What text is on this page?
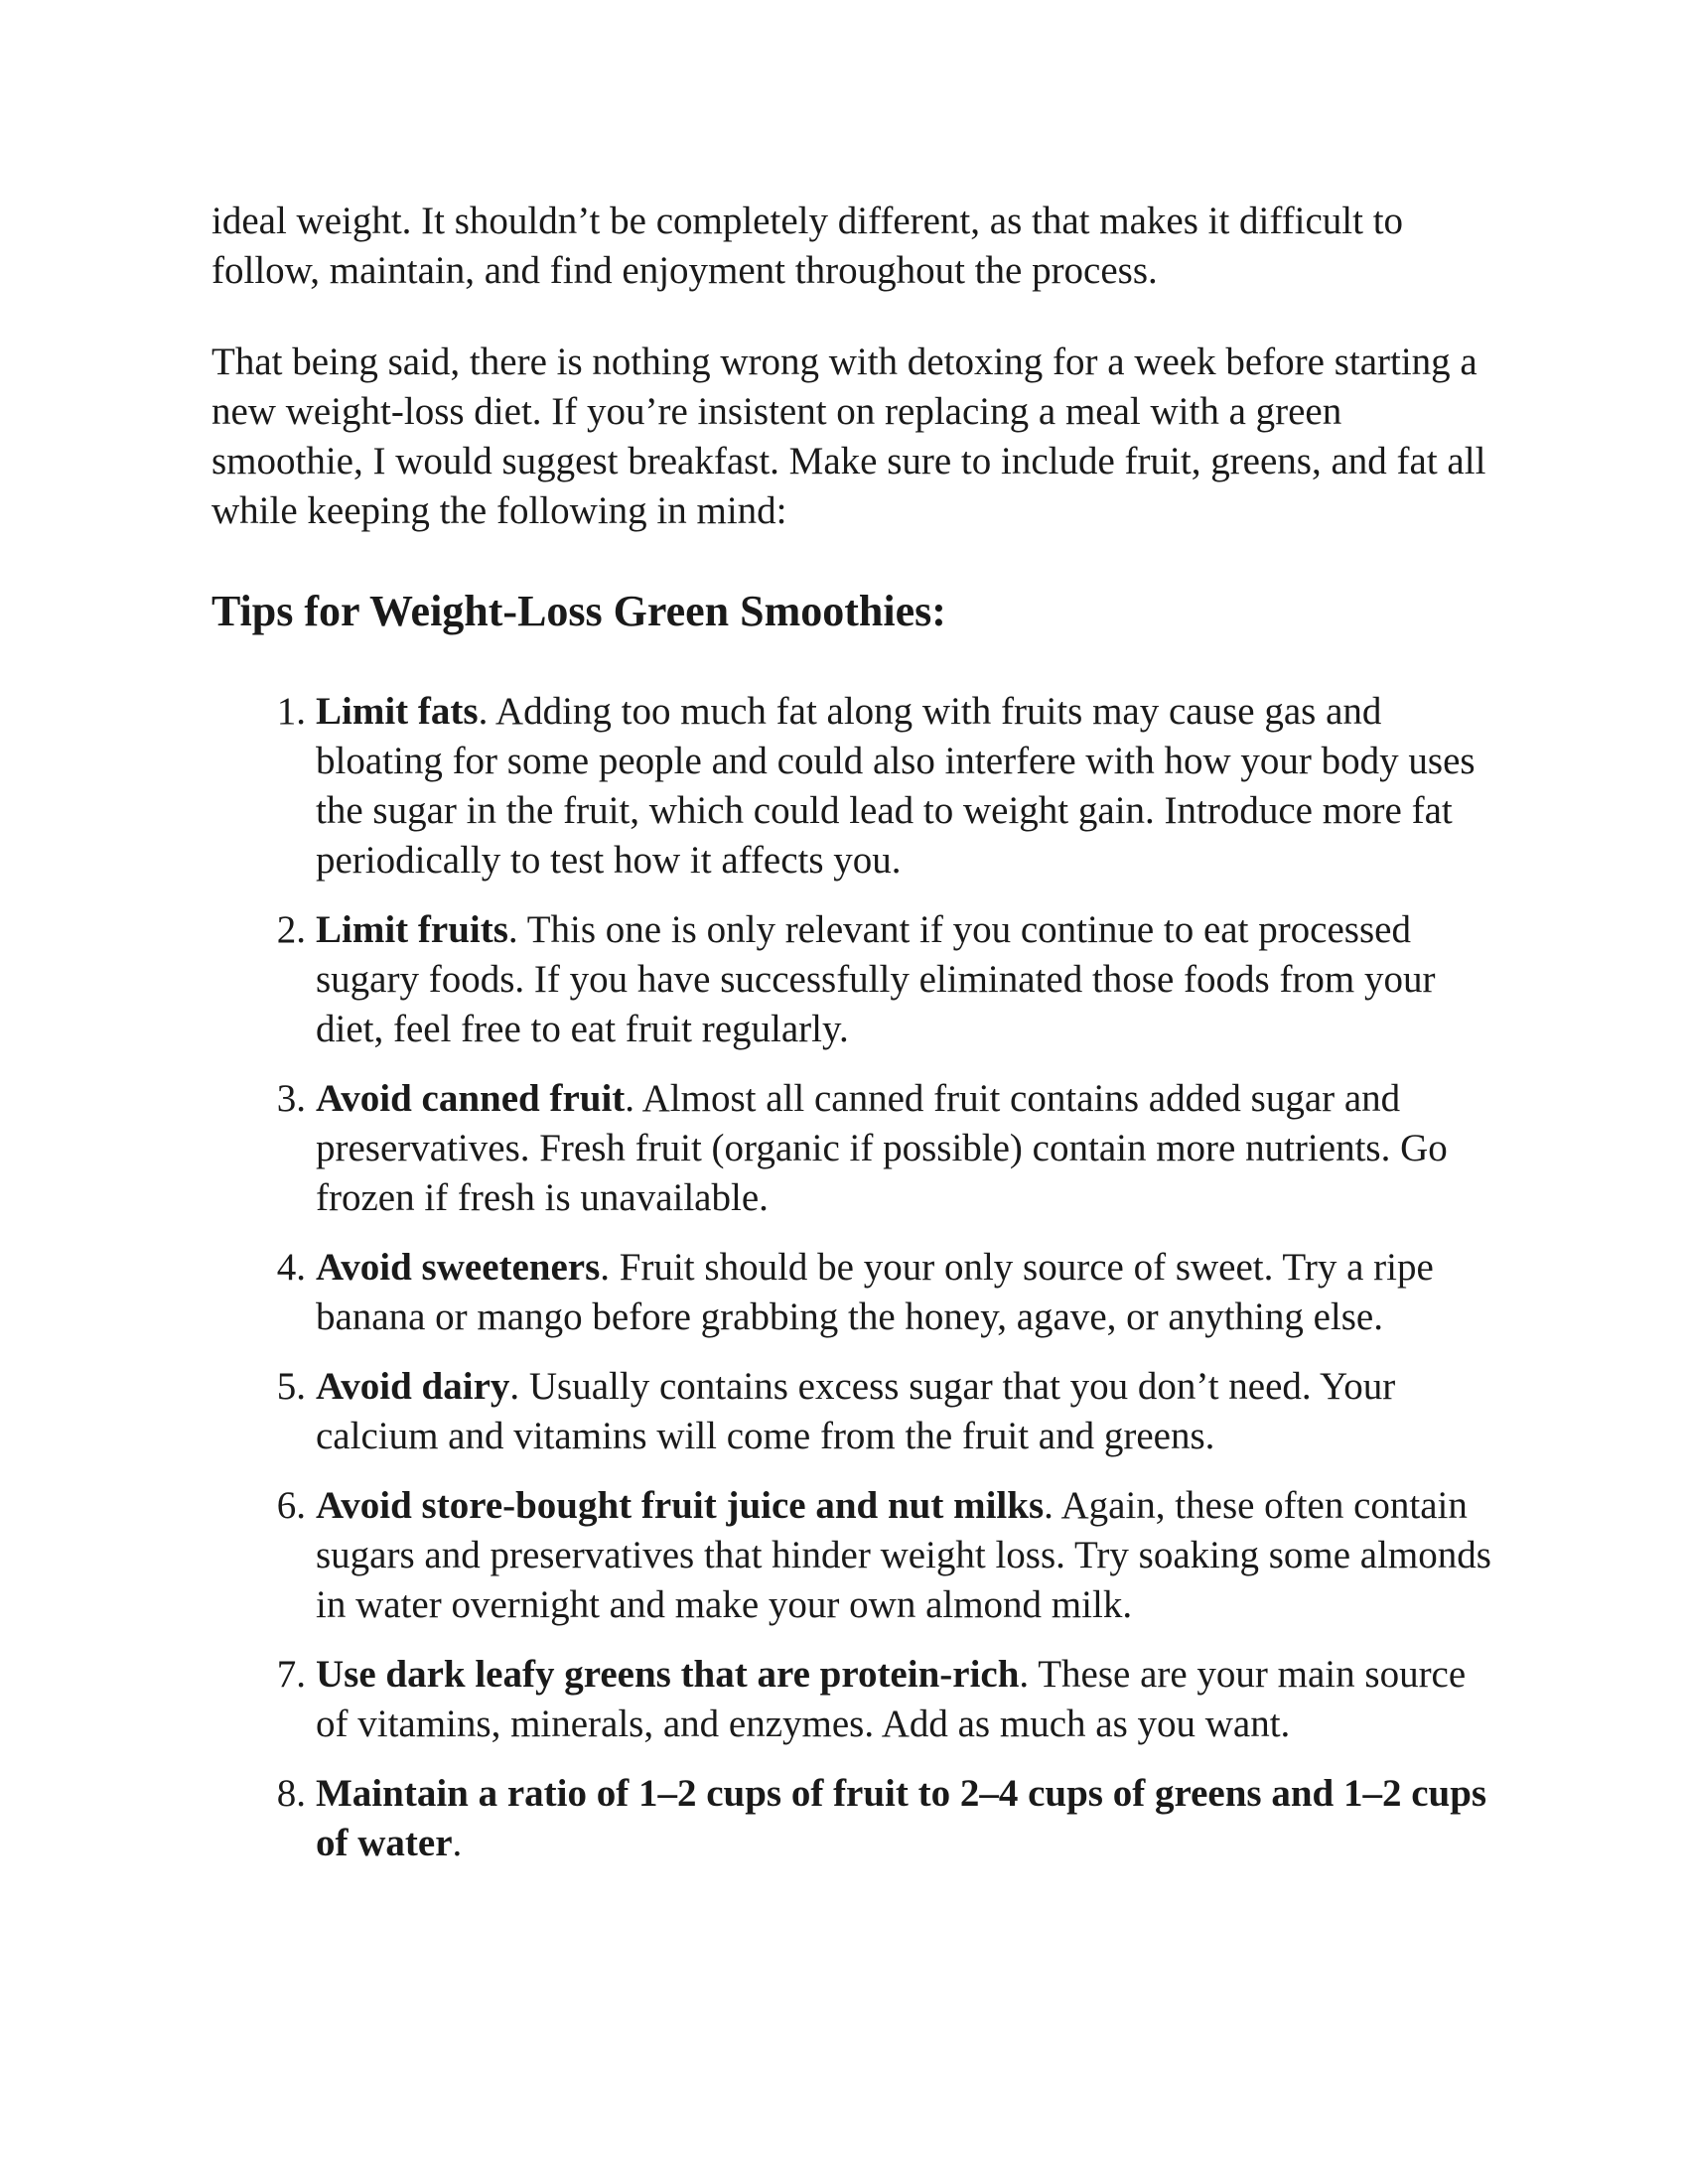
ideal weight. It shouldn’t be completely different, as that makes it difficult to follow, maintain, and find enjoyment throughout the process.

That being said, there is nothing wrong with detoxing for a week before starting a new weight-loss diet. If you’re insistent on replacing a meal with a green smoothie, I would suggest breakfast. Make sure to include fruit, greens, and fat all while keeping the following in mind:

Tips for Weight-Loss Green Smoothies:
1. Limit fats. Adding too much fat along with fruits may cause gas and bloating for some people and could also interfere with how your body uses the sugar in the fruit, which could lead to weight gain. Introduce more fat periodically to test how it affects you.
2. Limit fruits. This one is only relevant if you continue to eat processed sugary foods. If you have successfully eliminated those foods from your diet, feel free to eat fruit regularly.
3. Avoid canned fruit. Almost all canned fruit contains added sugar and preservatives. Fresh fruit (organic if possible) contain more nutrients. Go frozen if fresh is unavailable.
4. Avoid sweeteners. Fruit should be your only source of sweet. Try a ripe banana or mango before grabbing the honey, agave, or anything else.
5. Avoid dairy. Usually contains excess sugar that you don’t need. Your calcium and vitamins will come from the fruit and greens.
6. Avoid store-bought fruit juice and nut milks. Again, these often contain sugars and preservatives that hinder weight loss. Try soaking some almonds in water overnight and make your own almond milk.
7. Use dark leafy greens that are protein-rich. These are your main source of vitamins, minerals, and enzymes. Add as much as you want.
8. Maintain a ratio of 1–2 cups of fruit to 2–4 cups of greens and 1–2 cups of water.
